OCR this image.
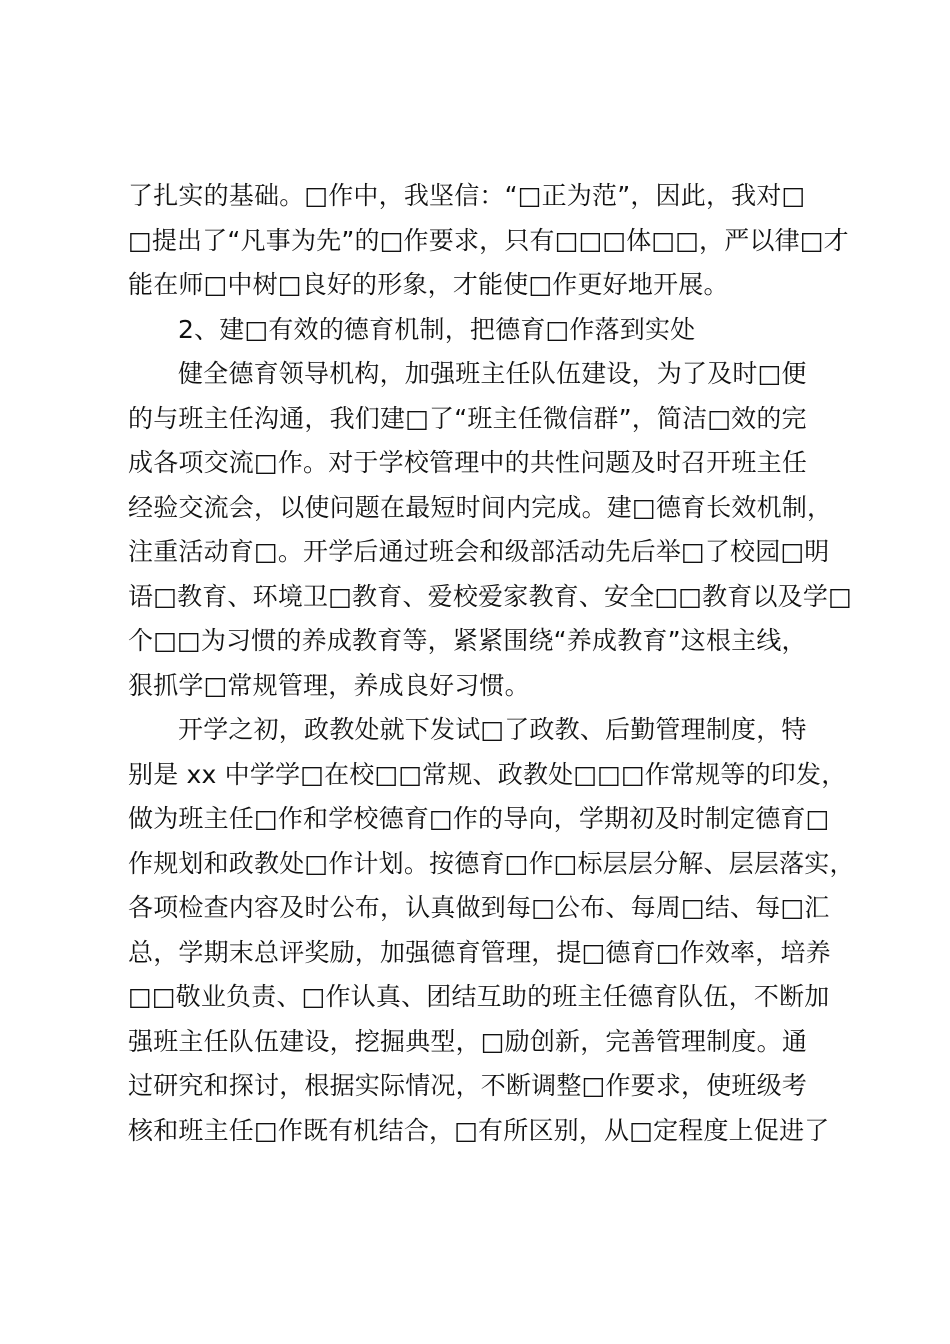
了扎实的基础。□作中，我坚信：“□正为范”，因此，我对□
□提出了“凡事为先”的□作要求，只有□□□体□□，严以律□才
能在师□中树□良好的形象，才能使□作更好地开展。
2、建□有效的德育机制，把德育□作落到实处
健全德育领导机构，加强班主任队伍建设，为了及时□便
的与班主任沟通，我们建□了“班主任微信群”，简洁□效的完
成各项交流□作。对于学校管理中的共性问题及时召开班主任
经验交流会，以使问题在最短时间内完成。建□德育长效机制，
注重活动育□。开学后通过班会和级部活动先后举□了校园□明
语□教育、环境卫□教育、爱校爱家教育、安全□□教育以及学□
个□□为习惯的养成教育等，紧紧围绕“养成教育”这根主线，
狠抓学□常规管理，养成良好习惯。
开学之初，政教处就下发试□了政教、后勤管理制度，特
别是 xx 中学学□在校□□常规、政教处□□□作常规等的印发，
做为班主任□作和学校德育□作的导向，学期初及时制定德育□
作规划和政教处□作计划。按德育□作□标层层分解、层层落实，
各项检查内容及时公布，认真做到每□公布、每周□结、每□汇
总，学期末总评奖励，加强德育管理，提□德育□作效率，培养
□□敬业负责、□作认真、团结互助的班主任德育队伍，不断加
强班主任队伍建设，挖掘典型，□励创新，完善管理制度。通
过研究和探讨，根据实际情况，不断调整□作要求，使班级考
核和班主任□作既有机结合，□有所区别，从□定程度上促进了
